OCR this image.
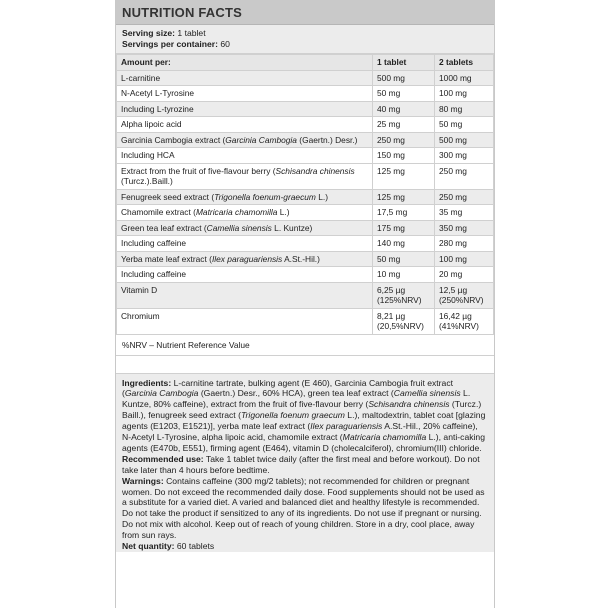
NUTRITION FACTS
Serving size: 1 tablet
Servings per container: 60
Amount per:	1 tablet	2 tablets
L-carnitine	500 mg	1000 mg
N-Acetyl L-Tyrosine	50 mg	100 mg
Including L-tyrozine	40 mg	80 mg
Alpha lipoic acid	25 mg	50 mg
Garcinia Cambogia extract (Garcinia Cambogia (Gaertn.) Desr.)	250 mg	500 mg
Including HCA	150 mg	300 mg
Extract from the fruit of five-flavour berry (Schisandra chinensis (Turcz.).Baill.)	125 mg	250 mg
Fenugreek seed extract (Trigonella foenum-graecum L.)	125 mg	250 mg
Chamomile extract (Matricaria chamomilla L.)	17,5 mg	35 mg
Green tea leaf extract (Camellia sinensis L. Kuntze)	175 mg	350 mg
Including caffeine	140 mg	280 mg
Yerba mate leaf extract (Ilex paraguariensis A.St.-Hil.)	50 mg	100 mg
Including caffeine	10 mg	20 mg
Vitamin D	6,25 µg (125%NRV)	12,5 µg (250%NRV)
Chromium	8,21 µg (20,5%NRV)	16,42 µg (41%NRV)
%NRV – Nutrient Reference Value
Ingredients: L-carnitine tartrate, bulking agent (E 460), Garcinia Cambogia fruit extract (Garcinia Cambogia (Gaertn.) Desr., 60% HCA), green tea leaf extract (Camellia sinensis L. Kuntze, 80% caffeine), extract from the fruit of five-flavour berry (Schisandra chinensis (Turcz.) Baill.), fenugreek seed extract (Trigonella foenum graecum L.), maltodextrin, tablet coat [glazing agents (E1203, E1521)], yerba mate leaf extract (Ilex paraguariensis A.St.-Hil., 20% caffeine), N-Acetyl L-Tyrosine, alpha lipoic acid, chamomile extract (Matricaria chamomilla L.), anti-caking agents (E470b, E551), firming agent (E464), vitamin D (cholecalciferol), chromium(III) chloride.
Recommended use: Take 1 tablet twice daily (after the first meal and before workout). Do not take later than 4 hours before bedtime.
Warnings: Contains caffeine (300 mg/2 tablets); not recommended for children or pregnant women. Do not exceed the recommended daily dose. Food supplements should not be used as a substitute for a varied diet. A varied and balanced diet and healthy lifestyle is recommended. Do not take the product if sensitized to any of its ingredients. Do not use if pregnant or nursing. Do not mix with alcohol. Keep out of reach of young children. Store in a dry, cool place, away from sun rays.
Net quantity: 60 tablets
